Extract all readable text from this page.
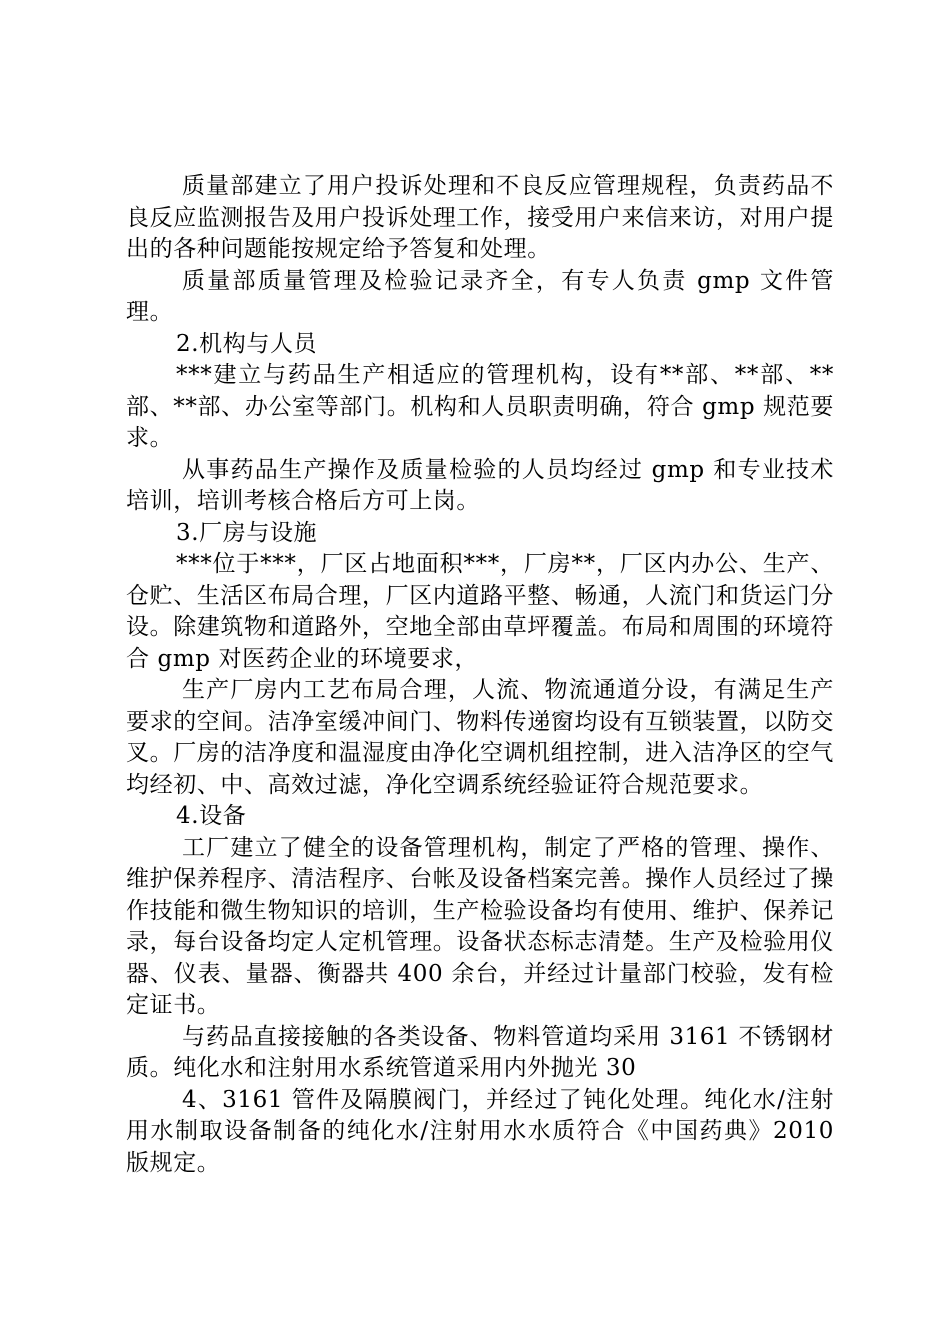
质量部建立了用户投诉处理和不良反应管理规程，负责药品不良反应监测报告及用户投诉处理工作，接受用户来信来访，对用户提出的各种问题能按规定给予答复和处理。

质量部质量管理及检验记录齐全，有专人负责 gmp 文件管理。

2.机构与人员

***建立与药品生产相适应的管理机构，设有**部、**部、**部、**部、办公室等部门。机构和人员职责明确，符合 gmp 规范要求。

从事药品生产操作及质量检验的人员均经过 gmp 和专业技术培训，培训考核合格后方可上岗。

3.厂房与设施

***位于***，厂区占地面积***，厂房**，厂区内办公、生产、仓贮、生活区布局合理，厂区内道路平整、畅通，人流门和货运门分设。除建筑物和道路外，空地全部由草坪覆盖。布局和周围的环境符合 gmp 对医药企业的环境要求，

生产厂房内工艺布局合理，人流、物流通道分设，有满足生产要求的空间。洁净室缓冲间门、物料传递窗均设有互锁装置，以防交叉。厂房的洁净度和温湿度由净化空调机组控制，进入洁净区的空气均经初、中、高效过滤，净化空调系统经验证符合规范要求。

4.设备

工厂建立了健全的设备管理机构，制定了严格的管理、操作、维护保养程序、清洁程序、台帐及设备档案完善。操作人员经过了操作技能和微生物知识的培训，生产检验设备均有使用、维护、保养记录，每台设备均定人定机管理。设备状态标志清楚。生产及检验用仪器、仪表、量器、衡器共 400 余台，并经过计量部门校验，发有检定证书。

与药品直接接触的各类设备、物料管道均采用 3161 不锈钢材质。纯化水和注射用水系统管道采用内外抛光 30

4、3161 管件及隔膜阀门，并经过了钝化处理。纯化水/注射用水制取设备制备的纯化水/注射用水水质符合《中国药典》2010 版规定。
